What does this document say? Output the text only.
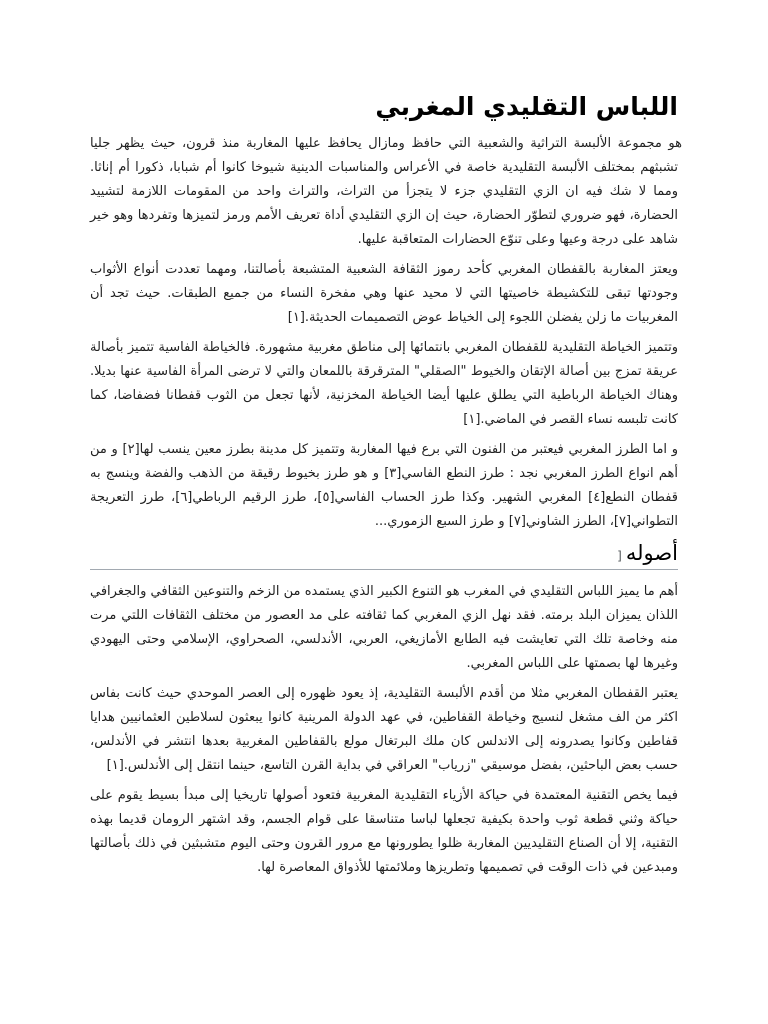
اللباس التقليدي المغربي

هو مجموعة الألبسة التراثية والشعبية التي حافظ ومازال يحافظ عليها المغاربة منذ قرون، حيث يظهر جليا تشبثهم بمختلف الألبسة التقليدية خاصة في الأعراس والمناسبات الدينية شيوخا كانوا أم شبابا، ذكورا أم إناثا. ومما لا شك فيه ان الزي التقليدي جزء لا يتجزأ من التراث، والتراث واحد من المقومات اللازمة لتشييد الحضارة، فهو ضروري لتطوّر الحضارة، حيث إن الزي التقليدي أداة تعريف الأمم ورمز لتميزها وتفردها وهو خير شاهد على درجة وعيها وعلى تنوّع الحضارات المتعاقبة عليها.

ويعتز المغاربة بالقفطان المغربي كأحد رموز الثقافة الشعبية المتشبعة بأصالتنا، ومهما تعددت أنواع الأثواب وجودتها تبقى للتكشيطة خاصيتها التي لا محيد عنها وهي مفخرة النساء من جميع الطبقات. حيث تجد أن المغربيات ما زلن يفضلن اللجوء إلى الخياط عوض التصميمات الحديثة.[١]

وتتميز الخياطة التقليدية للقفطان المغربي بانتمائها إلى مناطق مغربية مشهورة. فالخياطة الفاسية تتميز بأصالة عريقة تمزج بين أصالة الإتقان والخيوط "الصقلي" المترقرقة باللمعان والتي لا ترضى المرأة الفاسية عنها بديلا. وهناك الخياطة الرباطية التي يطلق عليها أيضا الخياطة المخزنية، لأنها تجعل من الثوب قفطانا فضفاضا، كما كانت تلبسه نساء القصر في الماضي.[١]

و اما الطرز المغربي فيعتبر من الفنون التي برع فيها المغاربة وتتميز كل مدينة بطرز معين ينسب لها[٢] و من أهم انواع الطرز المغربي نجد : طرز النطع الفاسي[٣] و هو طرز بخيوط رقيقة من الذهب والفضة وينسج به قفطان النطع[٤] المغربي الشهير. وكذا طرز الحساب الفاسي[٥]، طرز الرقيم الرباطي[٦]، طرز التعريجة التطواني[٧]، الطرز الشاوني[٧] و طرز السبع الزموري...

أصوله[

أهم ما يميز اللباس التقليدي في المغرب هو التنوع الكبير الذي يستمده من الزخم والتنوعين الثقافي والجغرافي اللذان يميزان البلد برمته. فقد نهل الزي المغربي كما ثقافته على مد العصور من مختلف الثقافات اللتي مرت منه وخاصة تلك التي تعايشت فيه الطابع الأمازيغي، العربي، الأندلسي، الصحراوي، الإسلامي وحتى اليهودي وغيرها لها بصمتها على اللباس المغربي.

يعتبر القفطان المغربي مثلا من أقدم الألبسة التقليدية، إذ يعود ظهوره إلى العصر الموحدي حيث كانت بفاس اكثر من الف مشغل لنسيج وخياطة القفاطين، في عهد الدولة المرينية كانوا يبعثون لسلاطين العثمانيين هدايا قفاطين وكانوا يصدرونه إلى الاندلس كان ملك البرتغال مولع بالقفاطين المغربية بعدها انتشر في الأندلس، حسب بعض الباحثين، بفضل موسيقي "زرياب" العراقي في بداية القرن التاسع، حينما انتقل إلى الأندلس.[١]

فيما يخص التقنية المعتمدة في حياكة الأزياء التقليدية المغربية فتعود أصولها تاريخيا إلى مبدأ بسيط يقوم على حياكة وثني قطعة ثوب واحدة بكيفية تجعلها لباسا متناسقا على قوام الجسم، وقد اشتهر الرومان قديما بهذه التقنية، إلا أن الصناع التقليديين المغاربة ظلوا يطورونها مع مرور القرون وحتى اليوم متشبثين في ذلك بأصالتها ومبدعين في ذات الوقت في تصميمها وتطريزها وملائمتها للأذواق المعاصرة لها.
